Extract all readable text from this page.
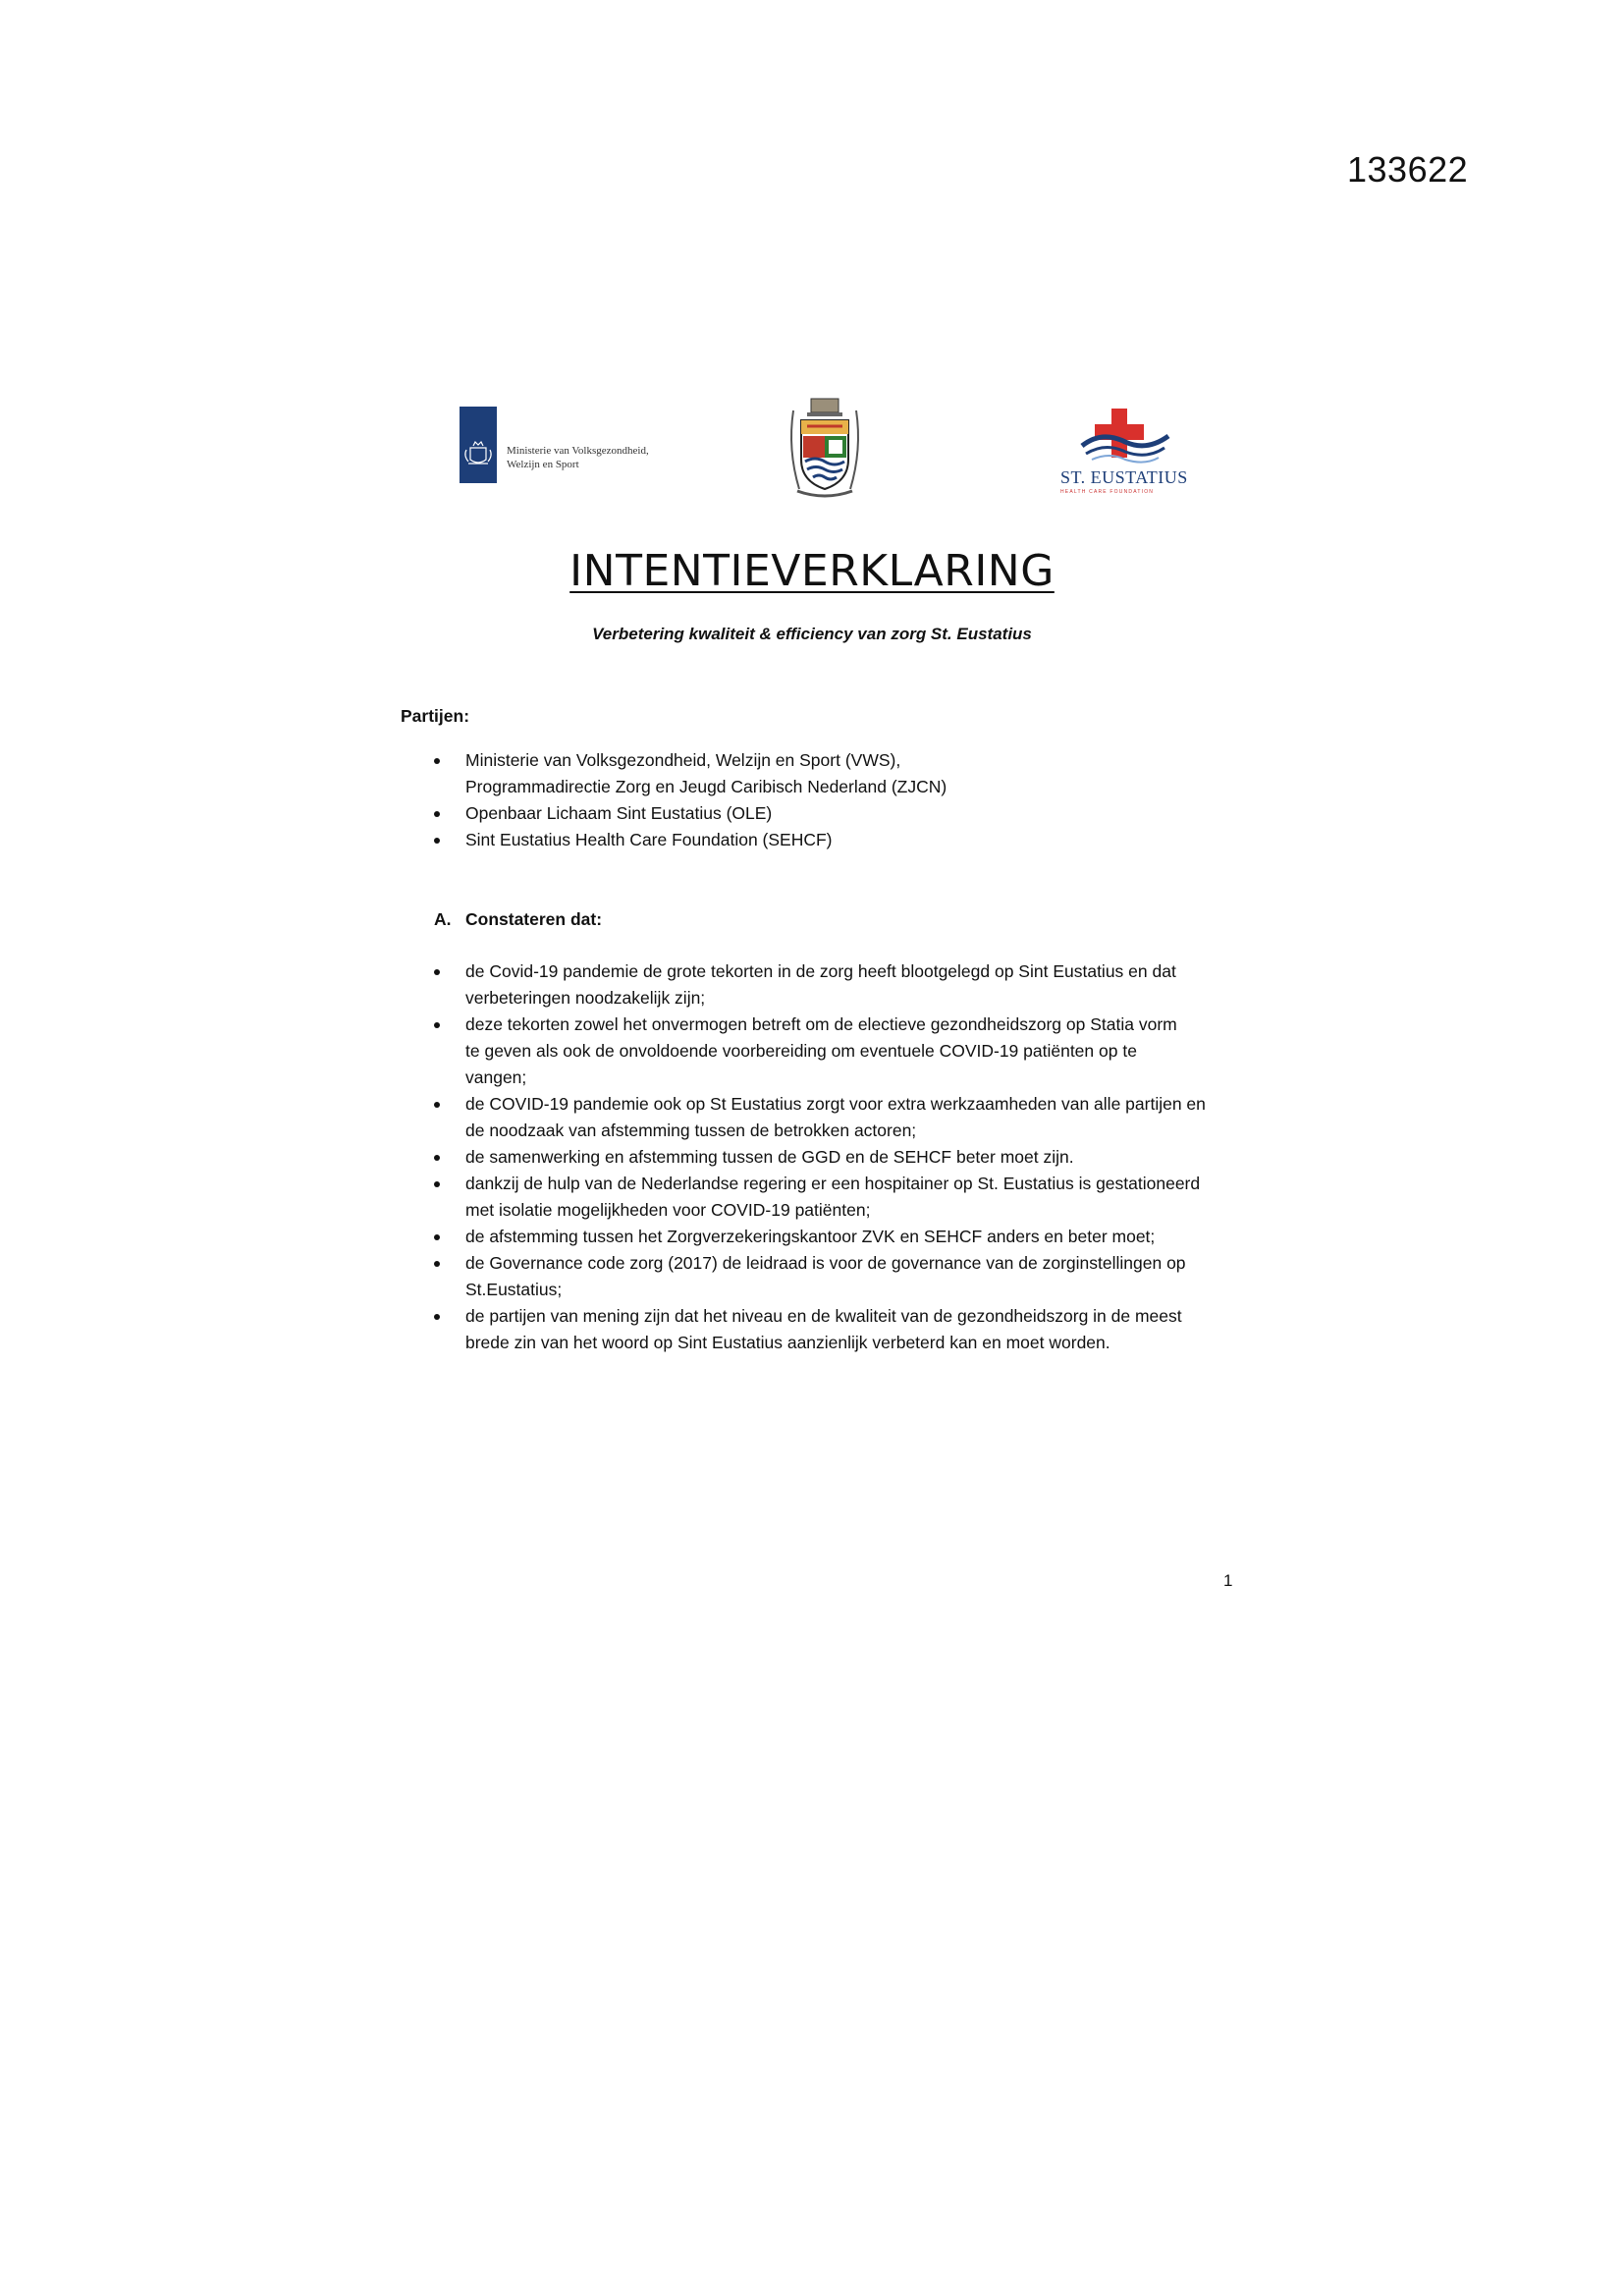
133622
Ministerie van Volksgezondheid,
Welzijn en Sport
ST. EUSTATIUS
HEALTH CARE FOUNDATION
INTENTIEVERKLARING
Verbetering kwaliteit & efficiency van zorg St. Eustatius

Partijen:

Ministerie van Volksgezondheid, Welzijn en Sport (VWS),
Programmadirectie Zorg en Jeugd Caribisch Nederland (ZJCN)
Openbaar Lichaam Sint Eustatius (OLE)
Sint Eustatius Health Care Foundation (SEHCF)

A. Constateren dat:

de Covid-19 pandemie de grote tekorten in de zorg heeft blootgelegd op Sint Eustatius en dat
verbeteringen noodzakelijk zijn;
deze tekorten zowel het onvermogen betreft om de electieve gezondheidszorg op Statia vorm
te geven als ook de onvoldoende voorbereiding om eventuele COVID-19 patiënten op te
vangen;
de COVID-19 pandemie ook op St Eustatius zorgt voor extra werkzaamheden van alle partijen en
de noodzaak van afstemming tussen de betrokken actoren;
de samenwerking en afstemming tussen de GGD en de SEHCF beter moet zijn.
dankzij de hulp van de Nederlandse regering er een hospitainer op St. Eustatius is gestationeerd
met isolatie mogelijkheden voor COVID-19 patiënten;
de afstemming tussen het Zorgverzekeringskantoor ZVK en SEHCF anders en beter moet;
de Governance code zorg (2017) de leidraad is voor de governance van de zorginstellingen op
St.Eustatius;
de partijen van mening zijn dat het niveau en de kwaliteit van de gezondheidszorg in de meest
brede zin van het woord op Sint Eustatius aanzienlijk verbeterd kan en moet worden.
1
